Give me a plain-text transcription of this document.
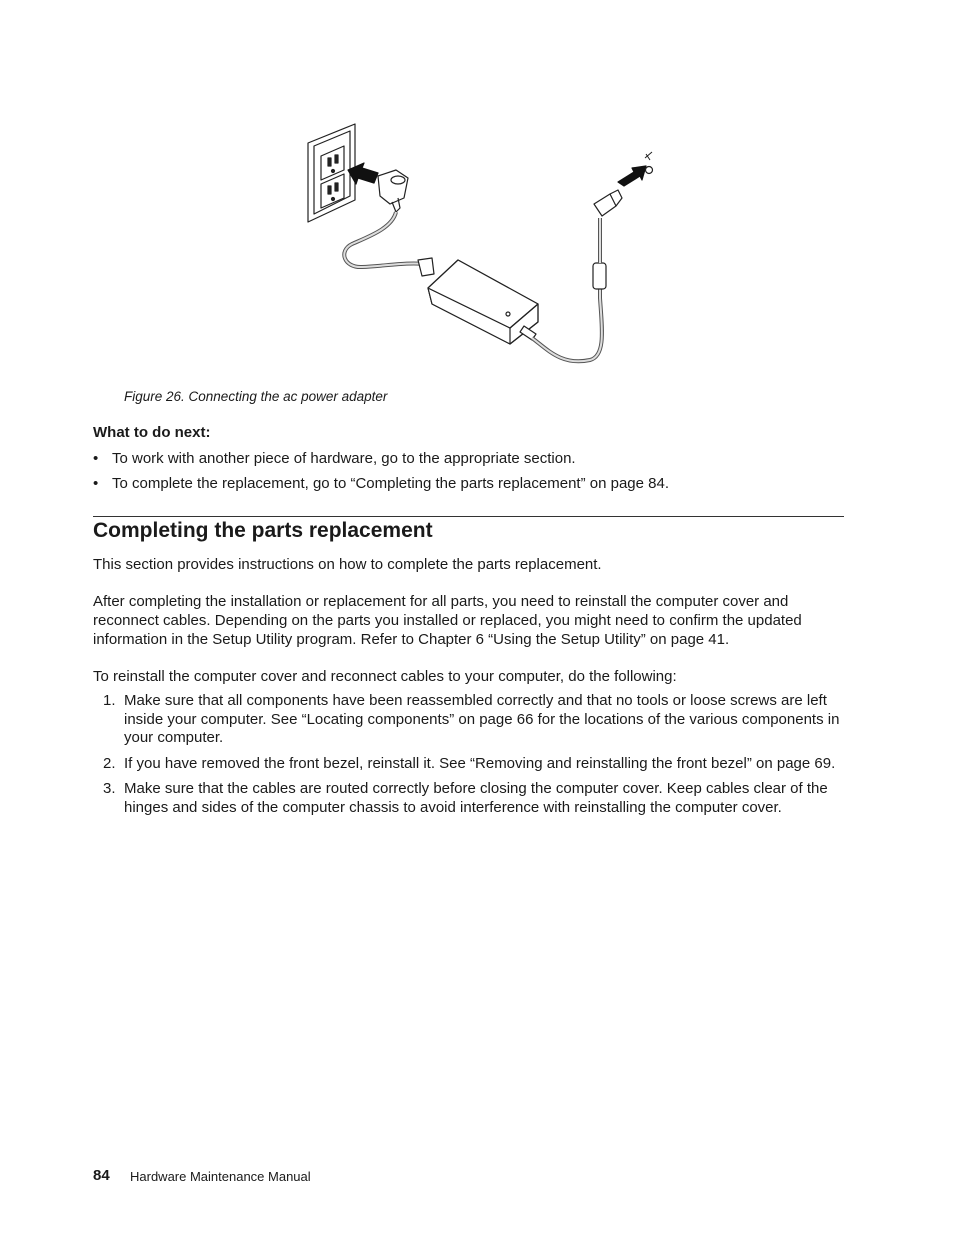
Figure 26. Connecting the ac power adapter
What to do next:
• To work with another piece of hardware, go to the appropriate section.
• To complete the replacement, go to “Completing the parts replacement” on page 84.
Completing the parts replacement

This section provides instructions on how to complete the parts replacement.

After completing the installation or replacement for all parts, you need to reinstall the computer cover and reconnect cables. Depending on the parts you installed or replaced, you might need to confirm the updated information in the Setup Utility program. Refer to Chapter 6 “Using the Setup Utility” on page 41.

To reinstall the computer cover and reconnect cables to your computer, do the following:

1. Make sure that all components have been reassembled correctly and that no tools or loose screws are left inside your computer. See “Locating components” on page 66 for the locations of the various components in your computer.
2. If you have removed the front bezel, reinstall it. See “Removing and reinstalling the front bezel” on page 69.
3. Make sure that the cables are routed correctly before closing the computer cover. Keep cables clear of the hinges and sides of the computer chassis to avoid interference with reinstalling the computer cover.
84 Hardware Maintenance Manual
